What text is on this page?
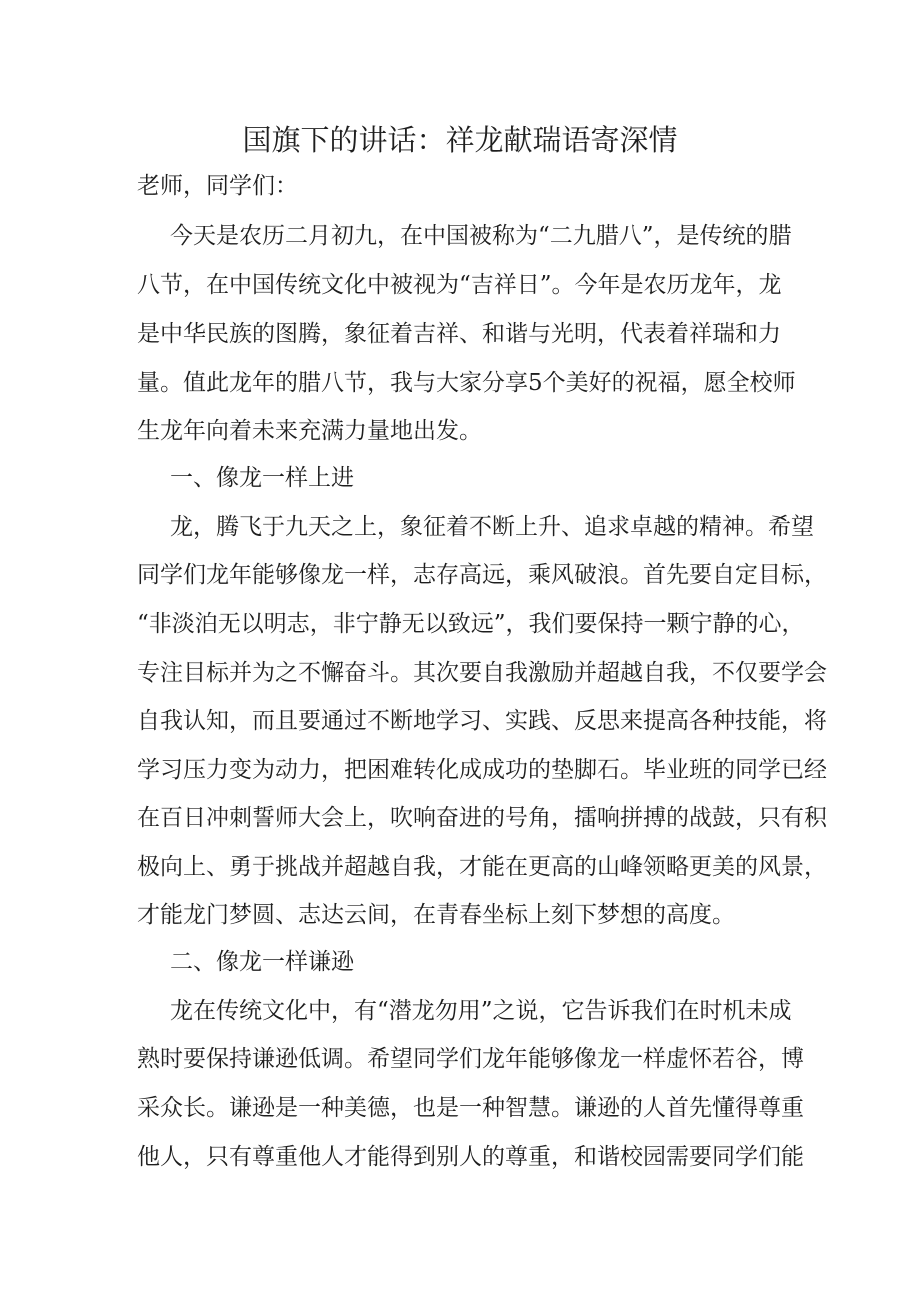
国旗下的讲话：祥龙献瑞语寄深情
老师，同学们：
今天是农历二月初九，在中国被称为“二九腊八”，是传统的腊
八节，在中国传统文化中被视为“吉祥日”。今年是农历龙年，龙
是中华民族的图腾，象征着吉祥、和谐与光明，代表着祥瑞和力
量。值此龙年的腊八节，我与大家分享5个美好的祝福，愿全校师
生龙年向着未来充满力量地出发。
一、像龙一样上进
龙，腾飞于九天之上，象征着不断上升、追求卓越的精神。希望
同学们龙年能够像龙一样，志存高远，乘风破浪。首先要自定目标，
“非淡泊无以明志，非宁静无以致远”，我们要保持一颗宁静的心，
专注目标并为之不懈奋斗。其次要自我激励并超越自我，不仅要学会
自我认知，而且要通过不断地学习、实践、反思来提高各种技能，将
学习压力变为动力，把困难转化成成功的垫脚石。毕业班的同学已经
在百日冲刺誓师大会上，吹响奋进的号角，擂响拼搏的战鼓，只有积
极向上、勇于挑战并超越自我，才能在更高的山峰领略更美的风景，
才能龙门梦圆、志达云间，在青春坐标上刻下梦想的高度。
二、像龙一样谦逊
龙在传统文化中，有“潜龙勿用”之说，它告诉我们在时机未成
熟时要保持谦逊低调。希望同学们龙年能够像龙一样虚怀若谷，博
采众长。谦逊是一种美德，也是一种智慧。谦逊的人首先懂得尊重
他人，只有尊重他人才能得到别人的尊重，和谐校园需要同学们能
